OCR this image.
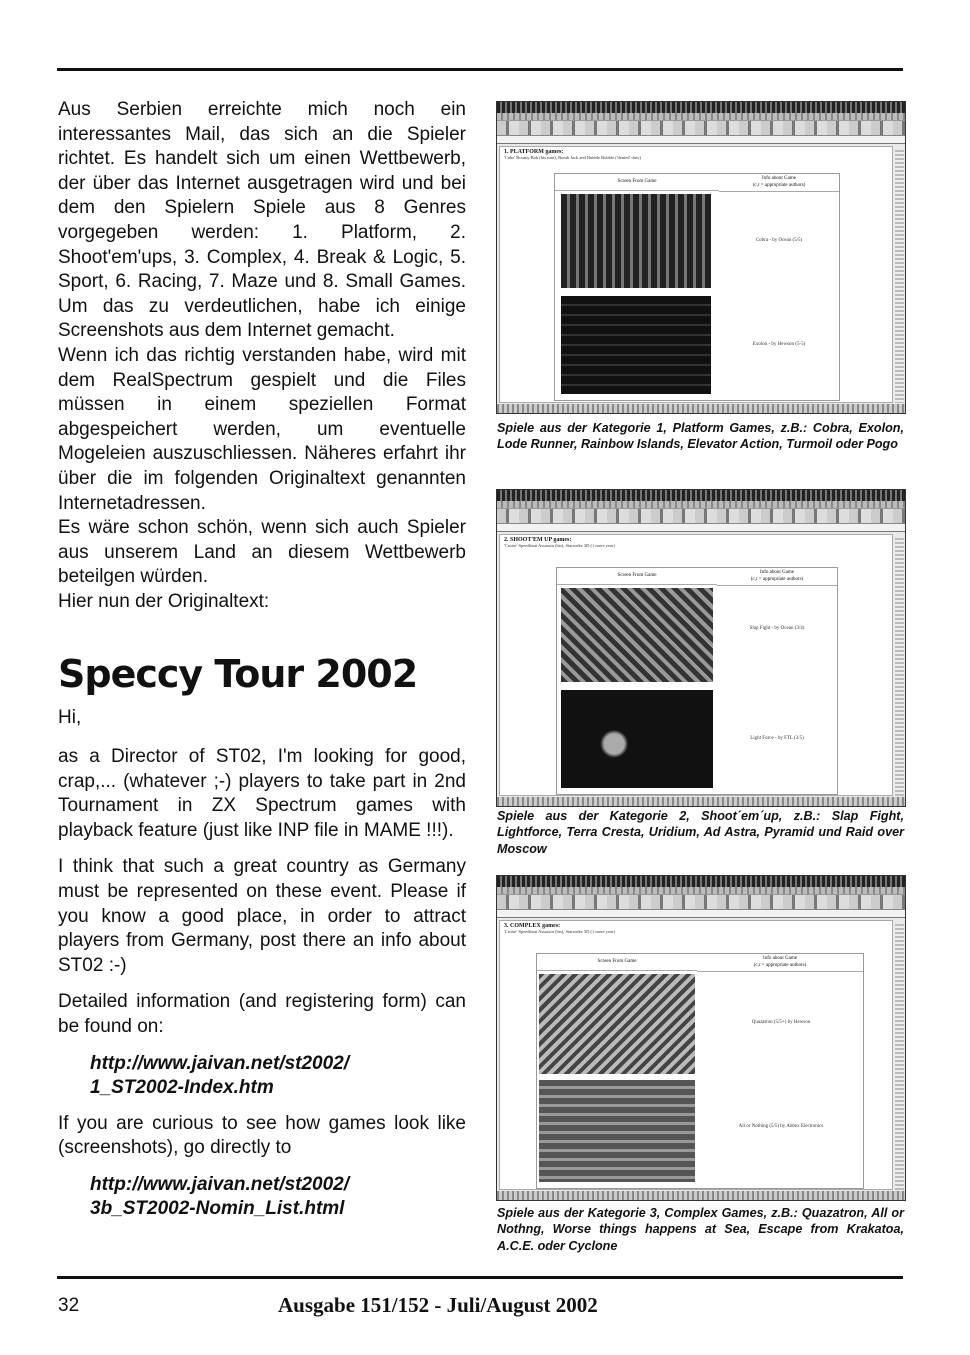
Aus Serbien erreichte mich noch ein interessantes Mail, das sich an die Spieler richtet. Es handelt sich um einen Wettbewerb, der über das Internet ausgetragen wird und bei dem den Spielern Spiele aus 8 Genres vorgegeben werden: 1. Platform, 2. Shoot'em'ups, 3. Complex, 4. Break & Logic, 5. Sport, 6. Racing, 7. Maze und 8. Small Games. Um das zu verdeutlichen, habe ich einige Screenshots aus dem Internet gemacht.

Wenn ich das richtig verstanden habe, wird mit dem RealSpectrum gespielt und die Files müssen in einem speziellen Format abgespeichert werden, um eventuelle Mogeleien auszuschliessen. Näheres erfahrt ihr über die im folgenden Originaltext genannten Internetadressen.

Es wäre schon schön, wenn sich auch Spieler aus unserem Land an diesem Wettbewerb beteilgen würden.

Hier nun der Originaltext:

Speccy Tour 2002

Hi,

as a Director of ST02, I'm looking for good, crap,... (whatever ;-) players to take part in 2nd Tournament in ZX Spectrum games with playback feature (just like INP file in MAME !!!).

I think that such a great country as Germany must be represented on these event. Please if you know a good place, in order to attract players from Germany, post there an info about ST02 :-)

Detailed information (and registering form) can be found on:

http://www.jaivan.net/st2002/
1_ST2002-Index.htm

If you are curious to see how games look like (screenshots), go directly to

http://www.jaivan.net/st2002/
3b_ST2002-Nomin_List.html
1. PLATFORM games:
'Cube' Bounty Bob (his turn), Bomb Jack and Bubble Bobble ('denied' duty)
Screen From Game
Info about Game
(c,r = appropriate authors)
Cobra - by Ocean (5/5)
Exolon - by Hewson (5-5)

Spiele aus der Kategorie 1, Platform Games, z.B.: Cobra, Exolon, Lode Runner, Rainbow Islands, Elevator Action, Turmoil oder Pogo

2. SHOOT'EM UP games:
'Cruise' Speedboat Assassin (his), Starstrike 3D (1 more year)
Screen From Game
Info about Game
(c,r = appropriate authors)
Slap Fight - by Ocean (3/4)
Light Force - by FTL (3/5)

Spiele aus der Kategorie 2, Shoot´em´up, z.B.: Slap Fight, Lightforce, Terra Cresta, Uridium, Ad Astra, Pyramid und Raid over Moscow

3. COMPLEX games:
'Cruise' Speedboat Assassin (his), Starstrike 3D (1 more year)
Screen From Game
Info about Game
(c,r = appropriate authors)
Quazatron (5/5+) by Hewson
All or Nothing (5/5) by Abbex Electronics

Spiele aus der Kategorie 3, Complex Games, z.B.: Quazatron, All or Nothng, Worse things happens at Sea, Escape from Krakatoa, A.C.E. oder Cyclone

32	Ausgabe 151/152 - Juli/August 2002
